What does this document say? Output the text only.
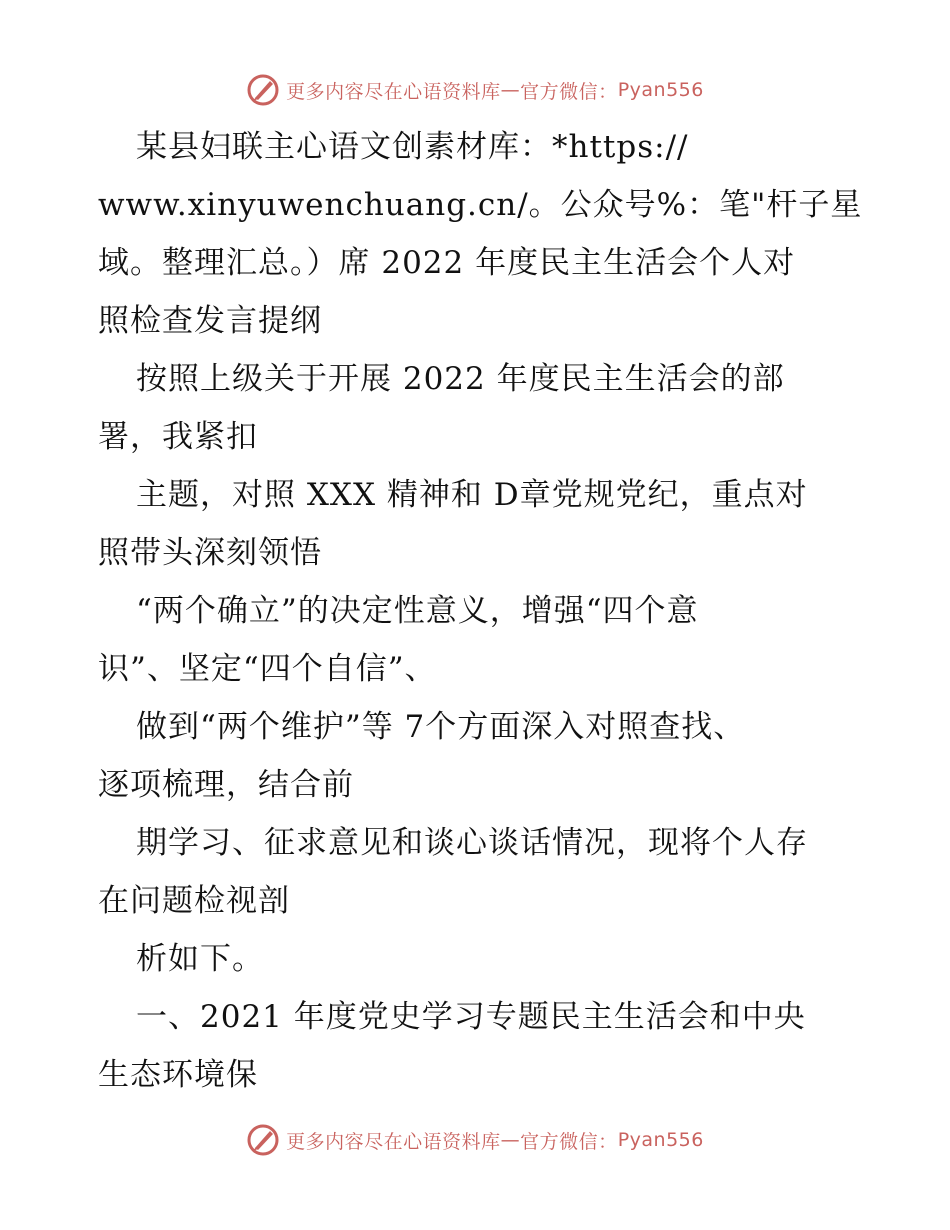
更多内容尽在心语资料库 — 官方微信： Pyan556

某县妇联主心语文创素材库：*https://

www.xinyuwenchuang.cn/。公众号%：笔"杆子星

域。整理汇总。）席 2022 年度民主生活会个人对

照检查发言提纲

按照上级关于开展 2022 年度民主生活会的部

署，我紧扣

主题，对照 XXX 精神和 D章党规党纪，重点对

照带头深刻领悟

“两个确立”的决定性意义，增强“四个意

识”、坚定“四个自信”、

做到“两个维护”等 7个方面深入对照查找、

逐项梳理，结合前

期学习、征求意见和谈心谈话情况，现将个人存

在问题检视剖

析如下。

一、2021 年度党史学习专题民主生活会和中央

生态环境保

更多内容尽在心语资料库 — 官方微信： Pyan556
